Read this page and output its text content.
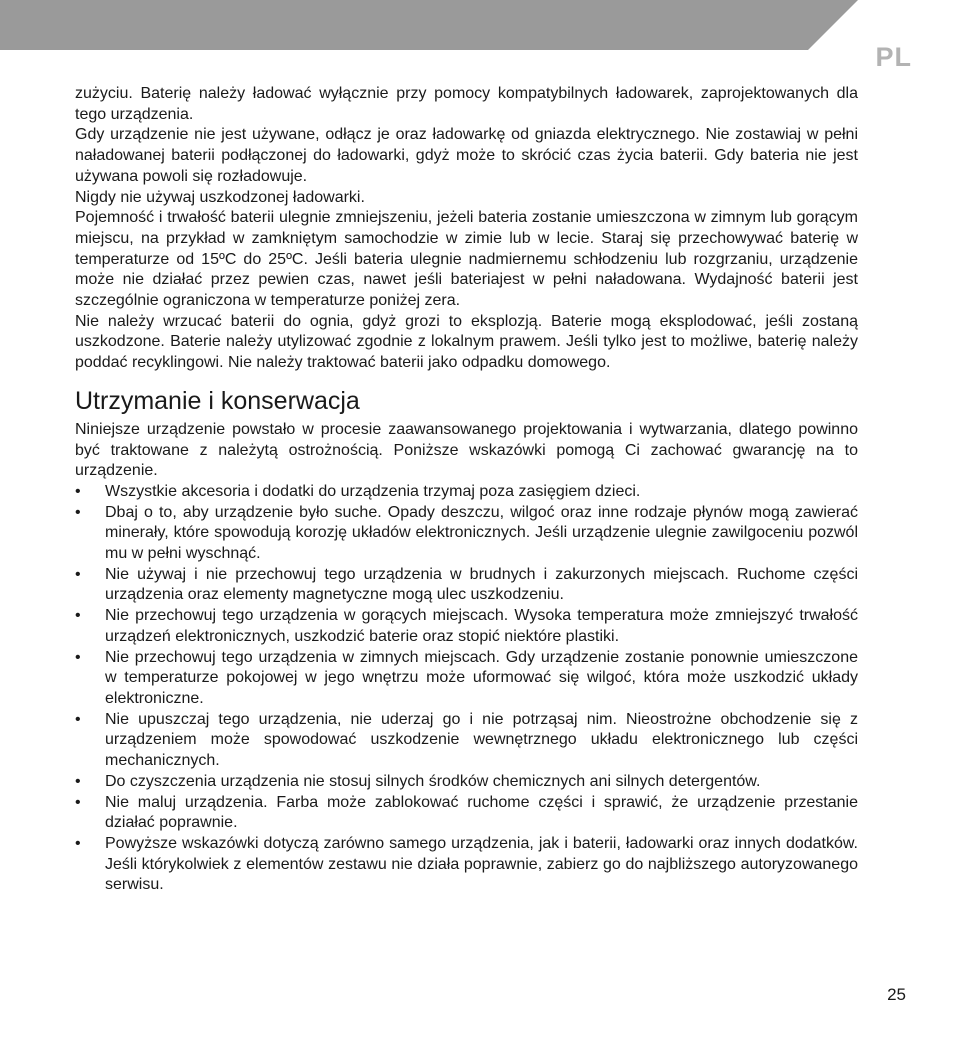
PL

zużyciu. Baterię należy ładować wyłącznie przy pomocy kompatybilnych ładowarek, zaprojektowanych dla tego urządzenia.

Gdy urządzenie nie jest używane, odłącz je oraz ładowarkę od gniazda elektrycznego. Nie zostawiaj w pełni naładowanej baterii podłączonej do ładowarki, gdyż może to skrócić czas życia baterii. Gdy bateria nie jest używana powoli się rozładowuje.

Nigdy nie używaj uszkodzonej ładowarki.

Pojemność i trwałość baterii ulegnie zmniejszeniu, jeżeli bateria zostanie umieszczona w zimnym lub gorącym miejscu, na przykład w zamkniętym samochodzie w zimie lub w lecie. Staraj się przechowywać baterię w temperaturze od 15ºC do 25ºC. Jeśli bateria ulegnie nadmiernemu schłodzeniu lub rozgrzaniu, urządzenie może nie działać przez pewien czas, nawet jeśli bateriajest w pełni naładowana. Wydajność baterii jest szczególnie ograniczona w temperaturze poniżej zera.

Nie należy wrzucać baterii do ognia, gdyż grozi to eksplozją. Baterie mogą eksplodować, jeśli zostaną uszkodzone. Baterie należy utylizować zgodnie z lokalnym prawem. Jeśli tylko jest to możliwe, baterię należy poddać recyklingowi. Nie należy traktować baterii jako odpadku domowego.

Utrzymanie i konserwacja

Niniejsze urządzenie powstało w procesie zaawansowanego projektowania i wytwarzania, dlatego powinno być traktowane z należytą ostrożnością. Poniższe wskazówki pomogą Ci zachować gwarancję na to urządzenie.

• Wszystkie akcesoria i dodatki do urządzenia trzymaj poza zasięgiem dzieci.
• Dbaj o to, aby urządzenie było suche. Opady deszczu, wilgoć oraz inne rodzaje płynów mogą zawierać minerały, które spowodują korozję układów elektronicznych. Jeśli urządzenie ulegnie zawilgoceniu pozwól mu w pełni wyschnąć.
• Nie używaj i nie przechowuj tego urządzenia w brudnych i zakurzonych miejscach. Ruchome części urządzenia oraz elementy magnetyczne mogą ulec uszkodzeniu.
• Nie przechowuj tego urządzenia w gorących miejscach. Wysoka temperatura może zmniejszyć trwałość urządzeń elektronicznych, uszkodzić baterie oraz stopić niektóre plastiki.
• Nie przechowuj tego urządzenia w zimnych miejscach. Gdy urządzenie zostanie ponownie umieszczone w temperaturze pokojowej w jego wnętrzu może uformować się wilgoć, która może uszkodzić układy elektroniczne.
• Nie upuszczaj tego urządzenia, nie uderzaj go i nie potrząsaj nim. Nieostrożne obchodzenie się z urządzeniem może spowodować uszkodzenie wewnętrznego układu elektronicznego lub części mechanicznych.
• Do czyszczenia urządzenia nie stosuj silnych środków chemicznych ani silnych detergentów.
• Nie maluj urządzenia. Farba może zablokować ruchome części i sprawić, że urządzenie przestanie działać poprawnie.
• Powyższe wskazówki dotyczą zarówno samego urządzenia, jak i baterii, ładowarki oraz innych dodatków. Jeśli którykolwiek z elementów zestawu nie działa poprawnie, zabierz go do najbliższego autoryzowanego serwisu.
25
